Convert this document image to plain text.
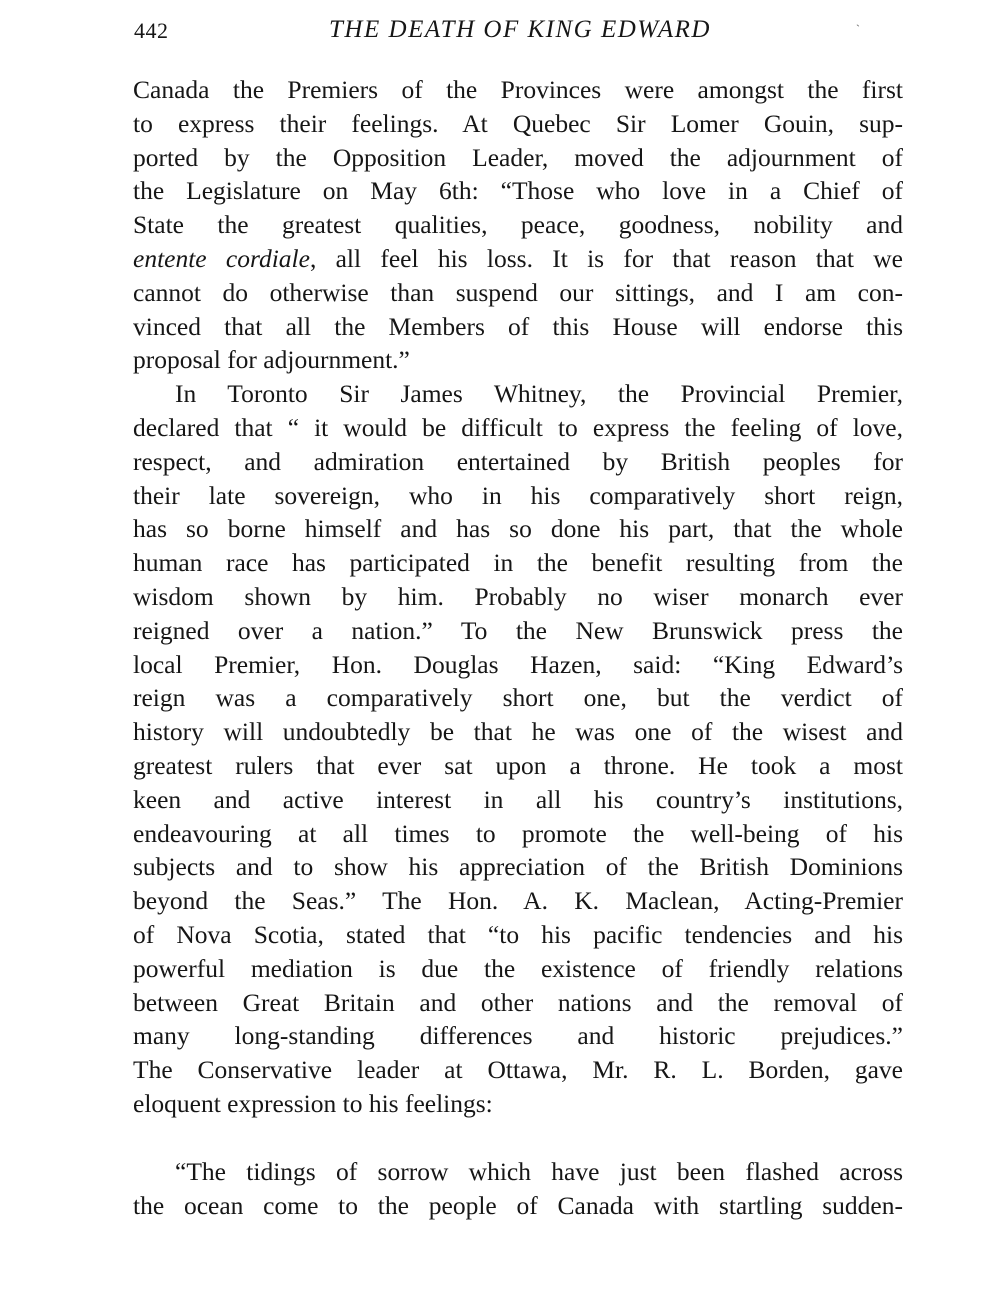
442	THE DEATH OF KING EDWARD	ˋ
Canada the Premiers of the Provinces were amongst the first
to express their feelings. At Quebec Sir Lomer Gouin, sup-
ported by the Opposition Leader, moved the adjournment of
the Legislature on May 6th: “Those who love in a Chief of
State the greatest qualities, peace, goodness, nobility and
entente cordiale, all feel his loss. It is for that reason that we
cannot do otherwise than suspend our sittings, and I am con-
vinced that all the Members of this House will endorse this
proposal for adjournment.”
In Toronto Sir James Whitney, the Provincial Premier,
declared that “ it would be difficult to express the feeling of love,
respect, and admiration entertained by British peoples for
their late sovereign, who in his comparatively short reign,
has so borne himself and has so done his part, that the whole
human race has participated in the benefit resulting from the
wisdom shown by him. Probably no wiser monarch ever
reigned over a nation.” To the New Brunswick press the
local Premier, Hon. Douglas Hazen, said: “King Edward’s
reign was a comparatively short one, but the verdict of
history will undoubtedly be that he was one of the wisest and
greatest rulers that ever sat upon a throne. He took a most
keen and active interest in all his country’s institutions,
endeavouring at all times to promote the well-being of his
subjects and to show his appreciation of the British Dominions
beyond the Seas.” The Hon. A. K. Maclean, Acting-Premier
of Nova Scotia, stated that “to his pacific tendencies and his
powerful mediation is due the existence of friendly relations
between Great Britain and other nations and the removal of
many long-standing differences and historic prejudices.”
The Conservative leader at Ottawa, Mr. R. L. Borden, gave
eloquent expression to his feelings:
“The tidings of sorrow which have just been flashed across
the ocean come to the people of Canada with startling sudden-
